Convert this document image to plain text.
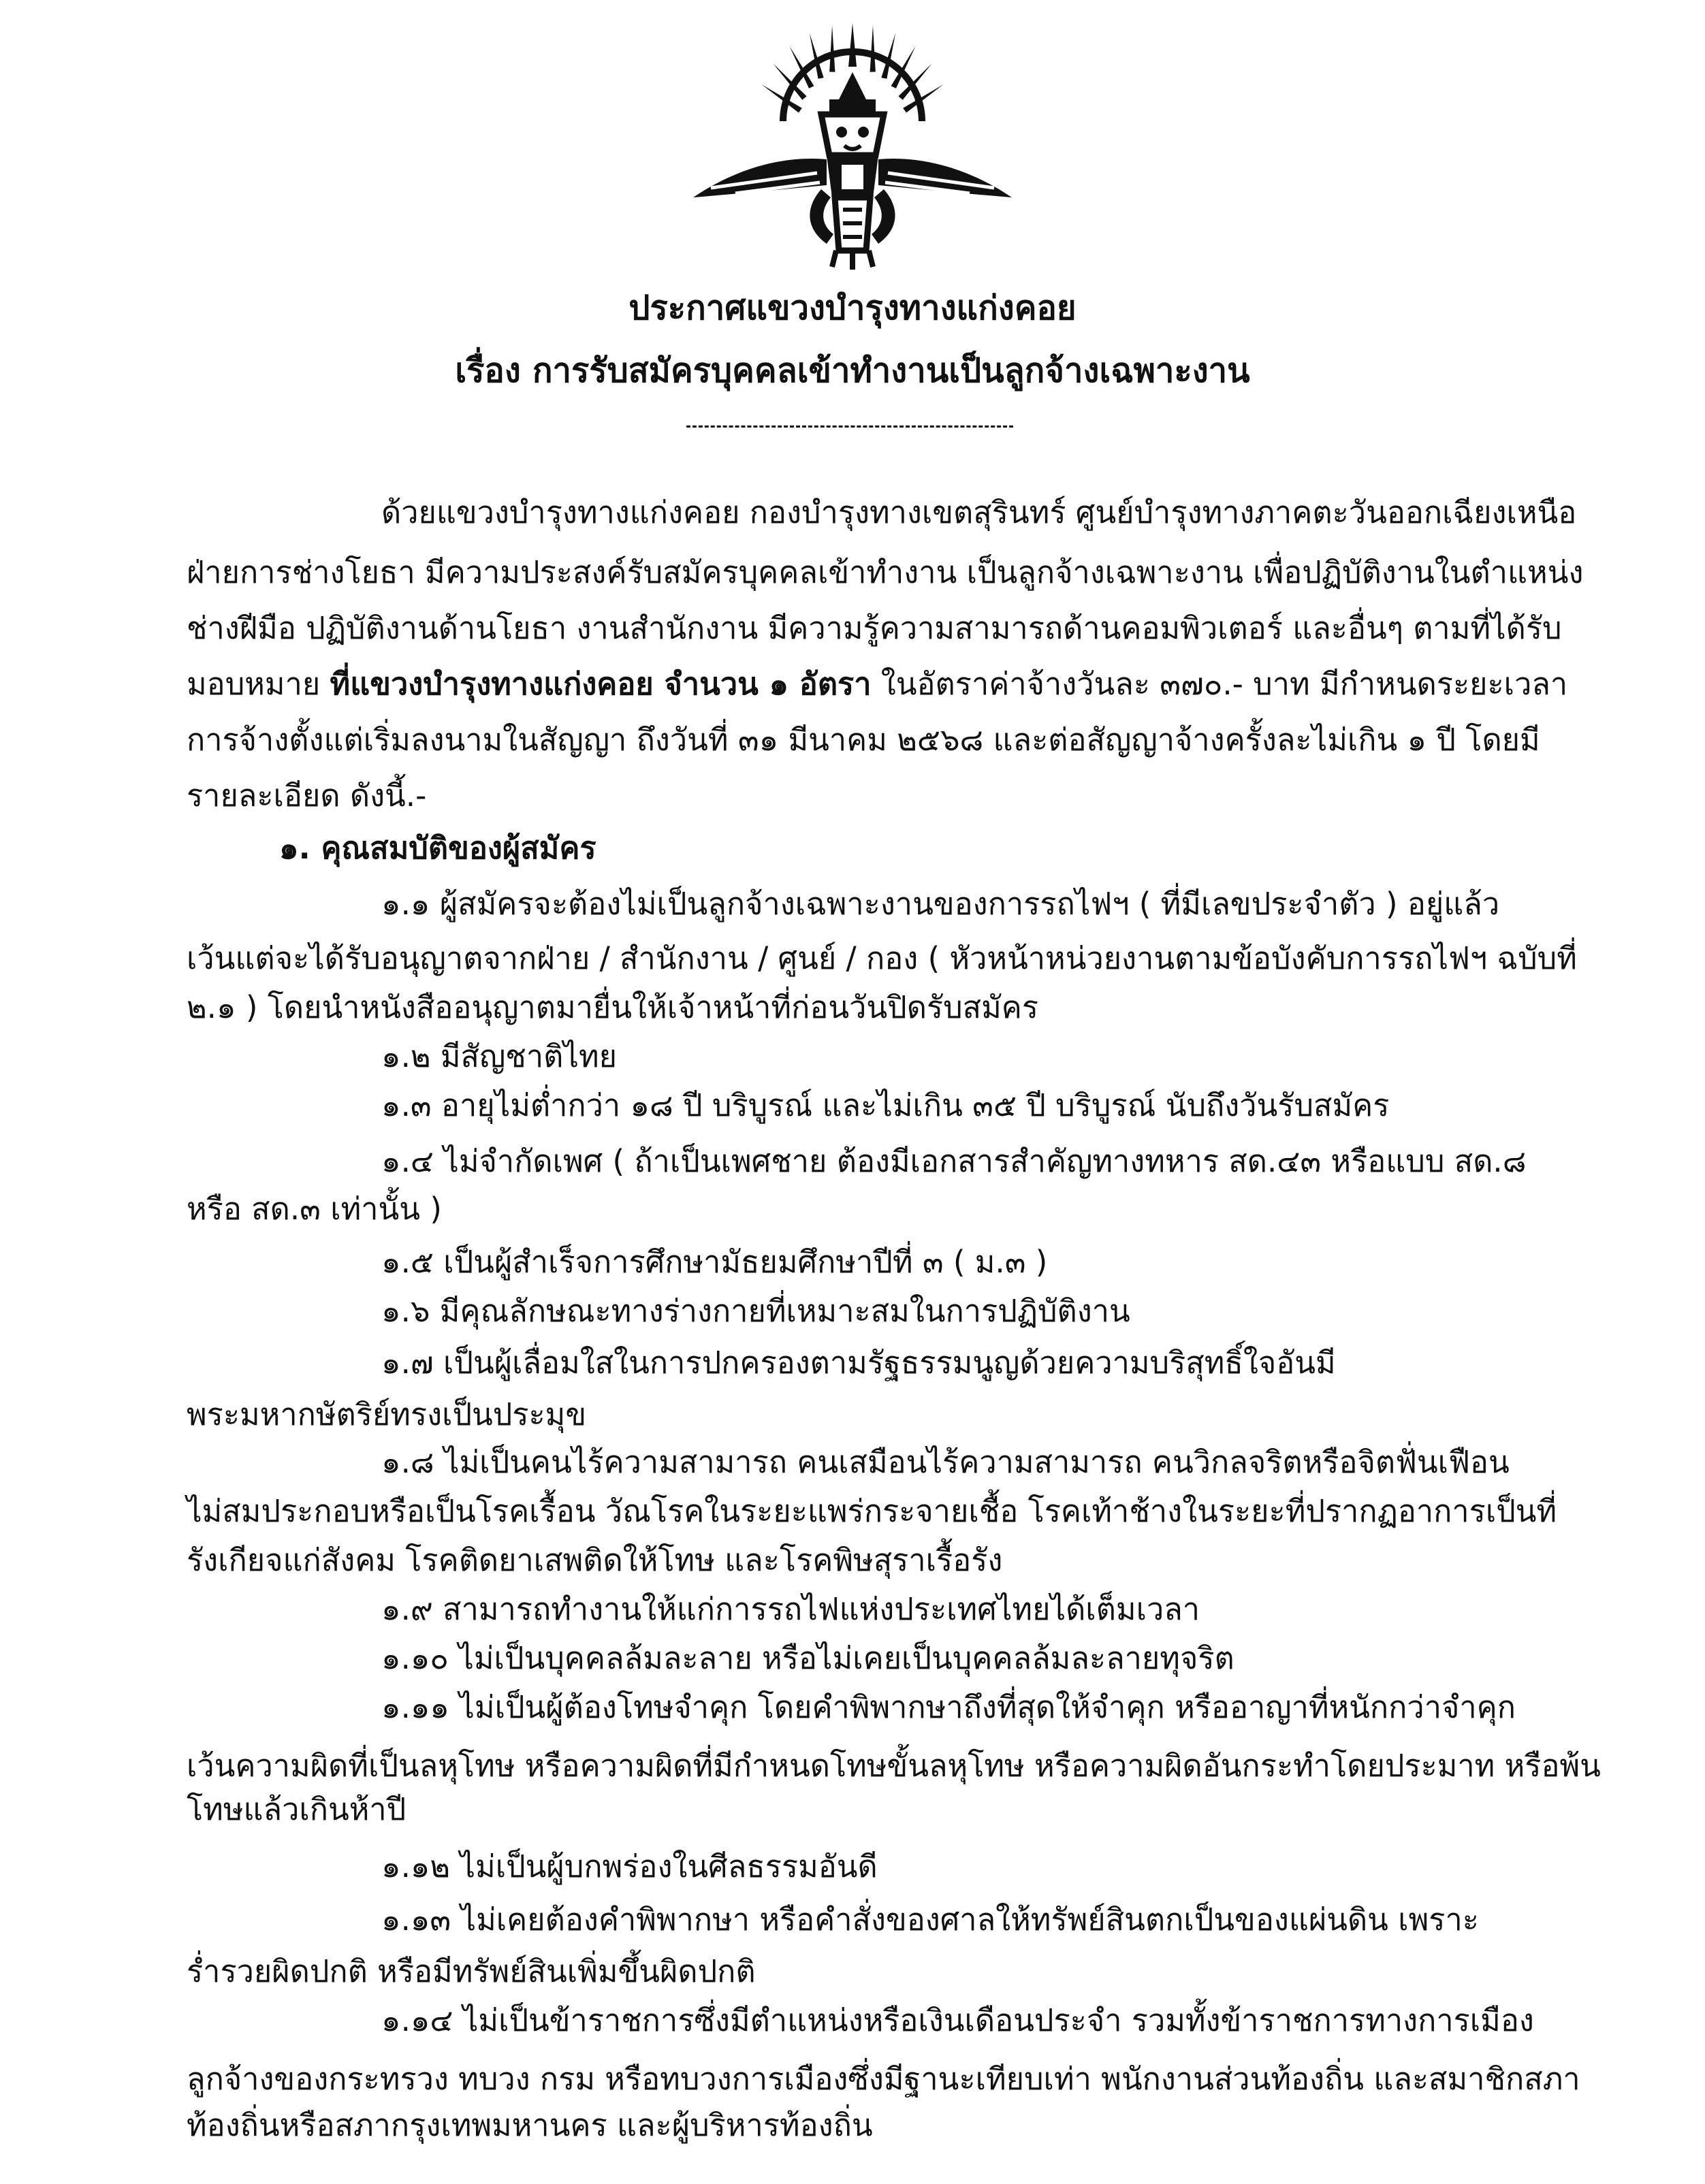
ประกาศแขวงบำรุงทางแก่งคอย
เรื่อง การรับสมัครบุคคลเข้าทำงานเป็นลูกจ้างเฉพาะงาน
ด้วยแขวงบำรุงทางแก่งคอย กองบำรุงทางเขตสุรินทร์ ศูนย์บำรุงทางภาคตะวันออกเฉียงเหนือ
ฝ่ายการช่างโยธา มีความประสงค์รับสมัครบุคคลเข้าทำงาน เป็นลูกจ้างเฉพาะงาน เพื่อปฏิบัติงานในตำแหน่ง
ช่างฝีมือ ปฏิบัติงานด้านโยธา งานสำนักงาน มีความรู้ความสามารถด้านคอมพิวเตอร์ และอื่นๆ ตามที่ได้รับ
มอบหมาย ที่แขวงบำรุงทางแก่งคอย จำนวน ๑ อัตรา ในอัตราค่าจ้างวันละ ๓๗๐.- บาท มีกำหนดระยะเวลา
การจ้างตั้งแต่เริ่มลงนามในสัญญา ถึงวันที่ ๓๑ มีนาคม ๒๕๖๘ และต่อสัญญาจ้างครั้งละไม่เกิน ๑ ปี โดยมี
รายละเอียด ดังนี้.-
๑. คุณสมบัติของผู้สมัคร
๑.๑ ผู้สมัครจะต้องไม่เป็นลูกจ้างเฉพาะงานของการรถไฟฯ ( ที่มีเลขประจำตัว ) อยู่แล้ว
เว้นแต่จะได้รับอนุญาตจากฝ่าย / สำนักงาน / ศูนย์ / กอง ( หัวหน้าหน่วยงานตามข้อบังคับการรถไฟฯ ฉบับที่
๒.๑ ) โดยนำหนังสืออนุญาตมายื่นให้เจ้าหน้าที่ก่อนวันปิดรับสมัคร
๑.๒ มีสัญชาติไทย
๑.๓ อายุไม่ต่ำกว่า ๑๘ ปี บริบูรณ์ และไม่เกิน ๓๕ ปี บริบูรณ์ นับถึงวันรับสมัคร
๑.๔ ไม่จำกัดเพศ ( ถ้าเป็นเพศชาย ต้องมีเอกสารสำคัญทางทหาร สด.๔๓ หรือแบบ สด.๘
หรือ สด.๓ เท่านั้น )
๑.๕ เป็นผู้สำเร็จการศึกษามัธยมศึกษาปีที่ ๓ ( ม.๓ )
๑.๖ มีคุณลักษณะทางร่างกายที่เหมาะสมในการปฏิบัติงาน
๑.๗ เป็นผู้เลื่อมใสในการปกครองตามรัฐธรรมนูญด้วยความบริสุทธิ์ใจอันมี
พระมหากษัตริย์ทรงเป็นประมุข
๑.๘ ไม่เป็นคนไร้ความสามารถ คนเสมือนไร้ความสามารถ คนวิกลจริตหรือจิตฟั่นเฟือน
ไม่สมประกอบหรือเป็นโรคเรื้อน วัณโรคในระยะแพร่กระจายเชื้อ โรคเท้าช้างในระยะที่ปรากฏอาการเป็นที่
รังเกียจแก่สังคม โรคติดยาเสพติดให้โทษ และโรคพิษสุราเรื้อรัง
๑.๙ สามารถทำงานให้แก่การรถไฟแห่งประเทศไทยได้เต็มเวลา
๑.๑๐ ไม่เป็นบุคคลล้มละลาย หรือไม่เคยเป็นบุคคลล้มละลายทุจริต
๑.๑๑ ไม่เป็นผู้ต้องโทษจำคุก โดยคำพิพากษาถึงที่สุดให้จำคุก หรืออาญาที่หนักกว่าจำคุก
เว้นความผิดที่เป็นลหุโทษ หรือความผิดที่มีกำหนดโทษขั้นลหุโทษ หรือความผิดอันกระทำโดยประมาท หรือพ้น
โทษแล้วเกินห้าปี
๑.๑๒ ไม่เป็นผู้บกพร่องในศีลธรรมอันดี
๑.๑๓ ไม่เคยต้องคำพิพากษา หรือคำสั่งของศาลให้ทรัพย์สินตกเป็นของแผ่นดิน เพราะ
ร่ำรวยผิดปกติ หรือมีทรัพย์สินเพิ่มขึ้นผิดปกติ
๑.๑๔ ไม่เป็นข้าราชการซึ่งมีตำแหน่งหรือเงินเดือนประจำ รวมทั้งข้าราชการทางการเมือง
ลูกจ้างของกระทรวง ทบวง กรม หรือทบวงการเมืองซึ่งมีฐานะเทียบเท่า พนักงานส่วนท้องถิ่น และสมาชิกสภา
ท้องถิ่นหรือสภากรุงเทพมหานคร และผู้บริหารท้องถิ่น
